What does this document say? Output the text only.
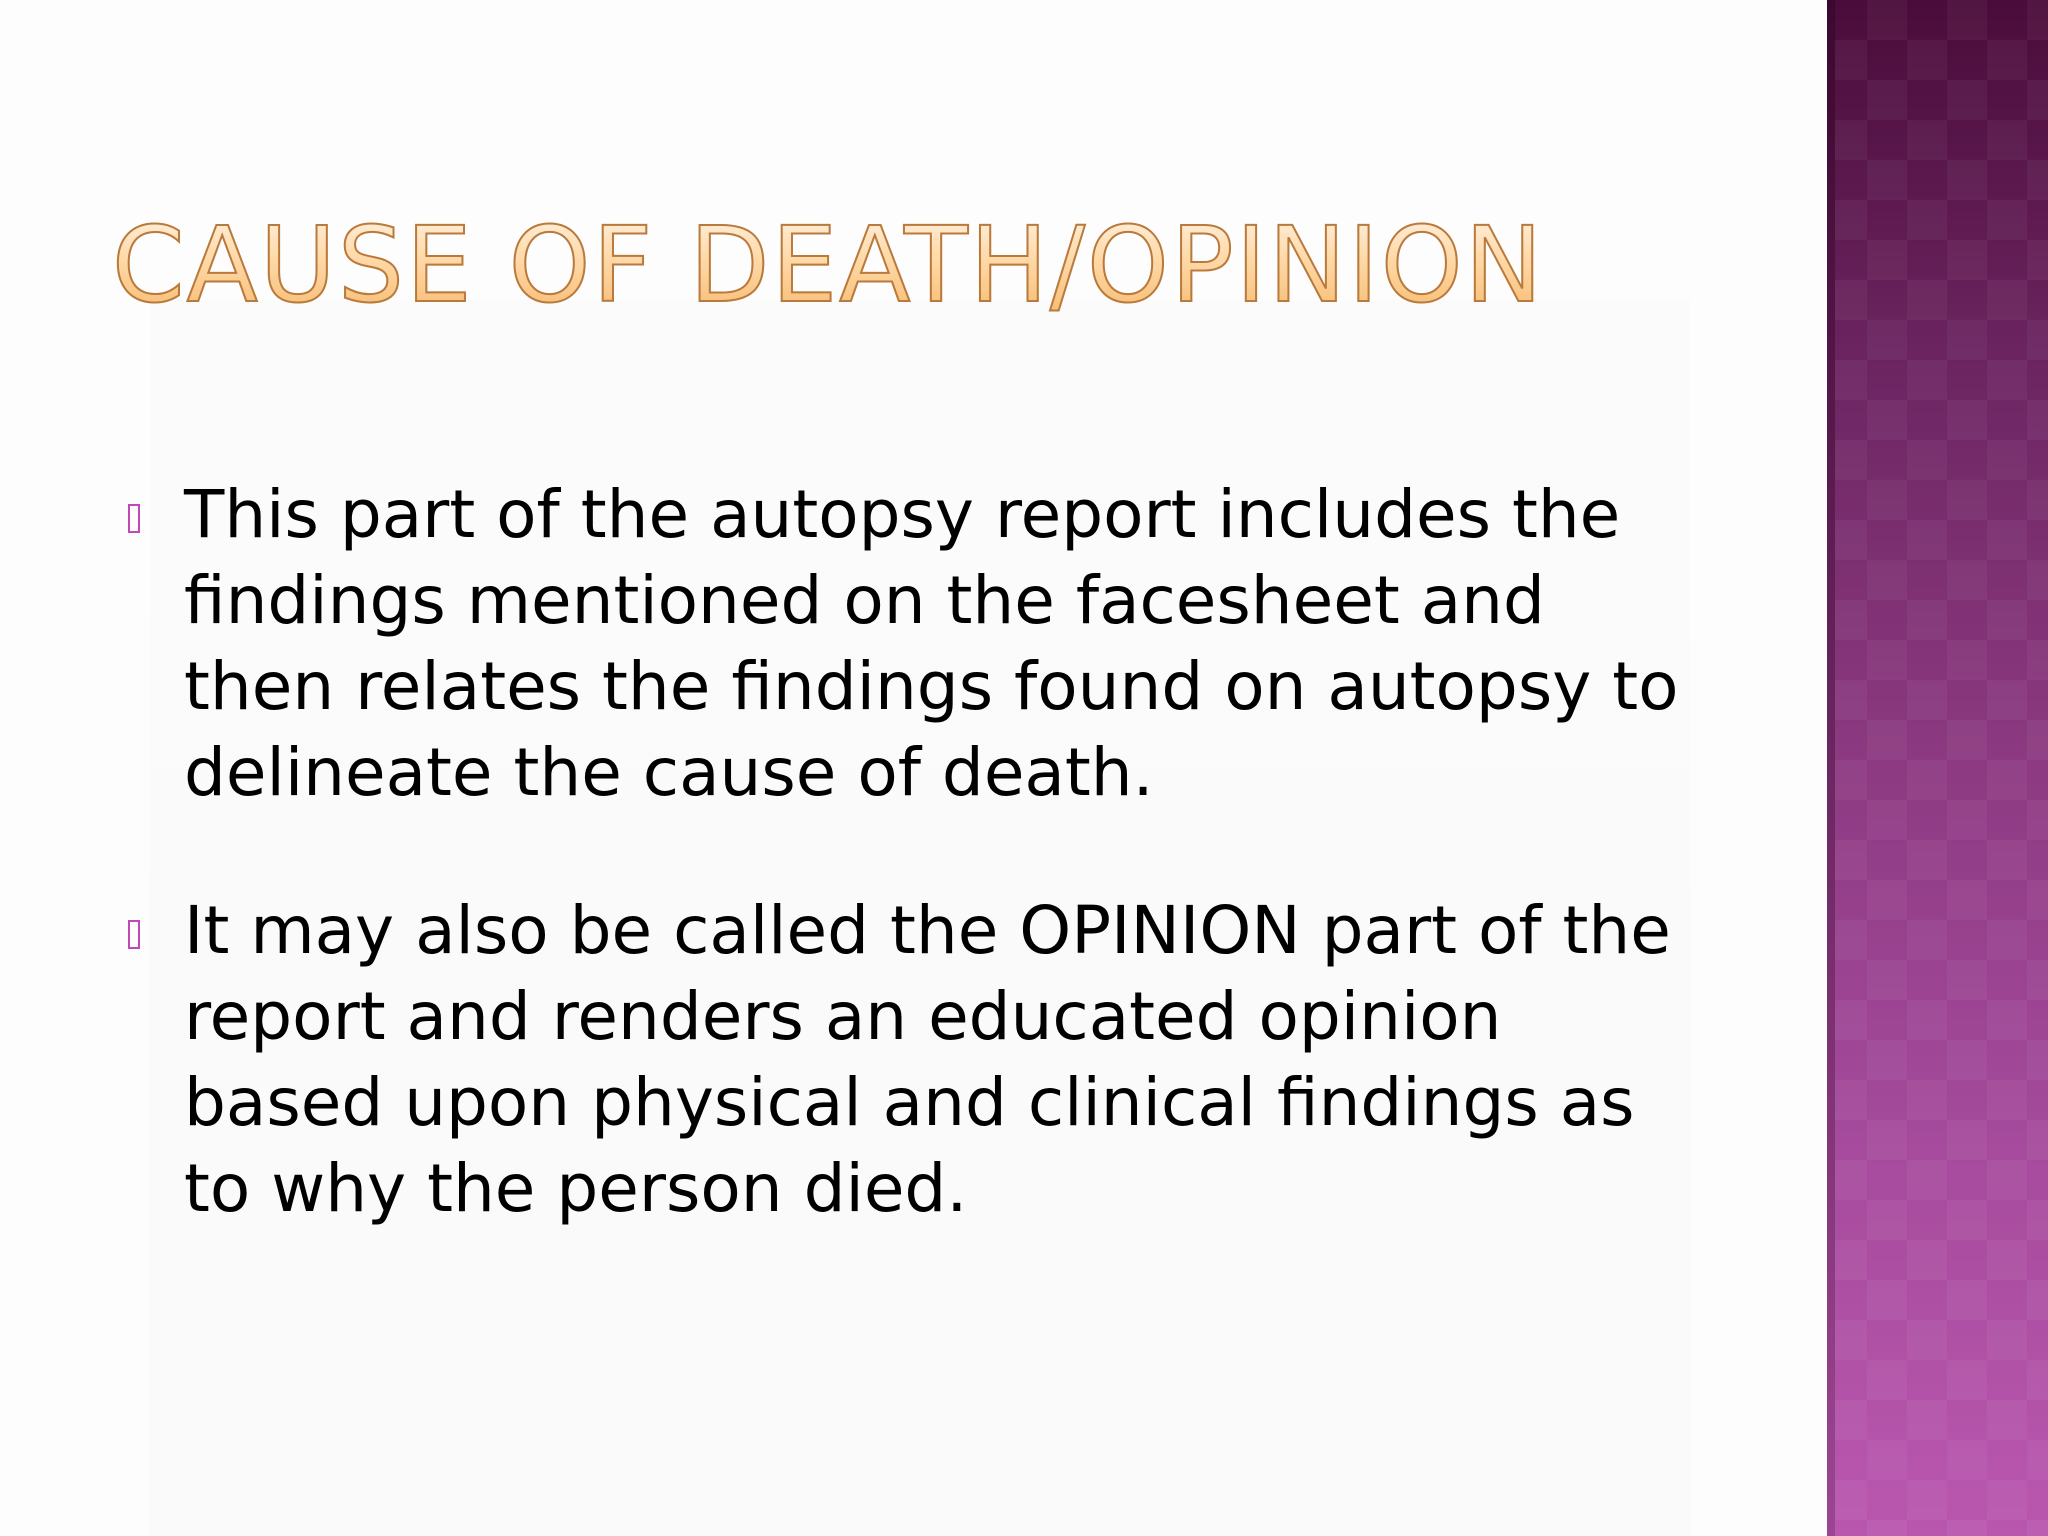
CAUSE OF DEATH/OPINION
This part of the autopsy report includes the
findings mentioned on the facesheet and
then relates the findings found on autopsy to
delineate the cause of death.
It may also be called the OPINION part of the
report and renders an educated opinion
based upon physical and clinical findings as
to why the person died.
